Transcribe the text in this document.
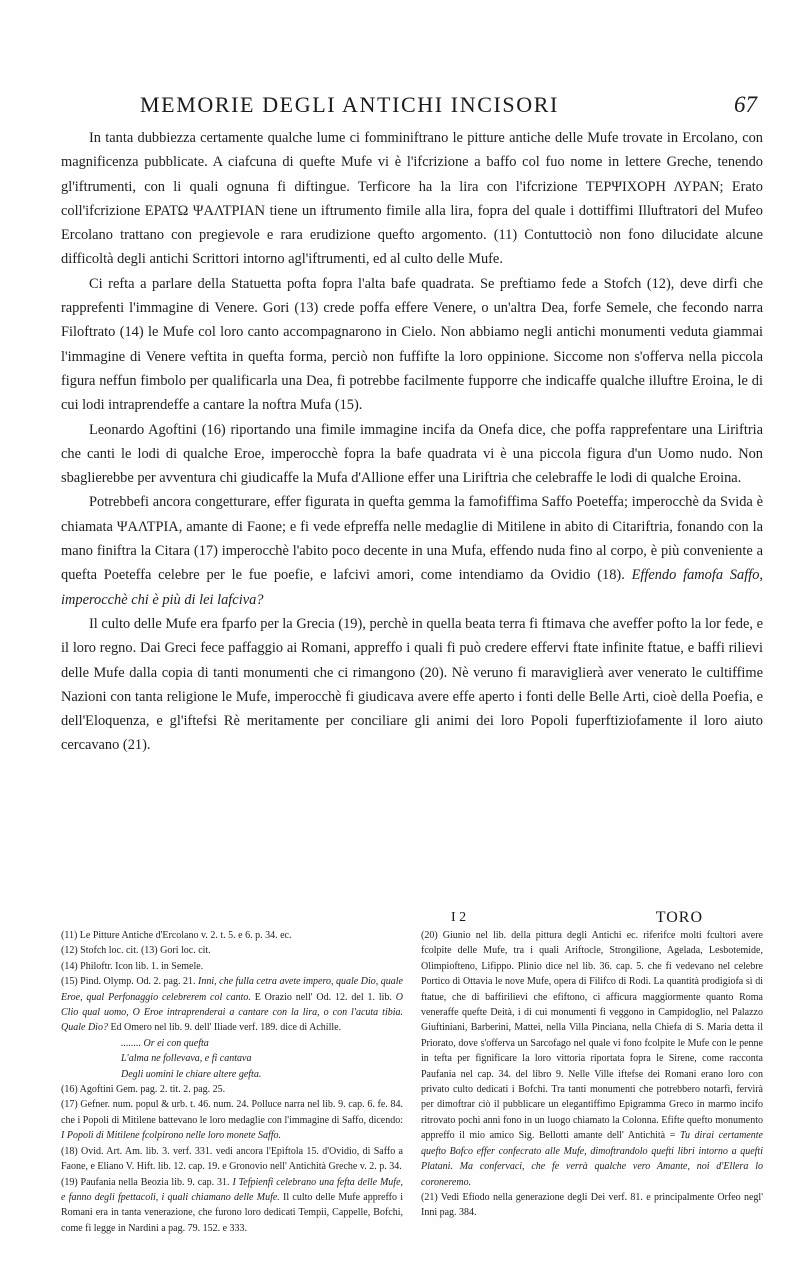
MEMORIE DEGLI ANTICHI INCISORI	67

In tanta dubbiezza certamente qualche lume ci fomminiftrano le pitture antiche delle Mufe trovate in Ercolano, con magnificenza pubblicate. A ciafcuna di quefte Mufe vi è l'ifcrizione a baffo col fuo nome in lettere Greche, tenendo gl'iftrumenti, con li quali ognuna fi diftingue. Terficore ha la lira con l'ifcrizione ΤΕΡΨΙΧΟΡΗ ΛΥΡΑΝ; Erato coll'ifcrizione ΕΡΑΤΩ ΨΑΛΤΡΙΑΝ tiene un iftrumento fimile alla lira, fopra del quale i dottiffimi Illuftratori del Mufeo Ercolano trattano con pregievole e rara erudizione quefto argomento. (11) Contuttociò non fono dilucidate alcune difficoltà degli antichi Scrittori intorno agl'iftrumenti, ed al culto delle Mufe.

Ci refta a parlare della Statuetta pofta fopra l'alta bafe quadrata. Se preftiamo fede a Stofch (12), deve dirfi che rapprefenti l'immagine di Venere. Gori (13) crede poffa effere Venere, o un'altra Dea, forfe Semele, che fecondo narra Filoftrato (14) le Mufe col loro canto accompagnarono in Cielo. Non abbiamo negli antichi monumenti veduta giammai l'immagine di Venere veftita in quefta forma, perciò non fuffifte la loro oppinione. Siccome non s'offerva nella piccola figura neffun fimbolo per qualificarla una Dea, fi potrebbe facilmente fupporre che indicaffe qualche illuftre Eroina, le di cui lodi intraprendeffe a cantare la noftra Mufa (15).

Leonardo Agoftini (16) riportando una fimile immagine incifa da Onefa dice, che poffa rapprefentare una Liriftria che canti le lodi di qualche Eroe, imperocchè fopra la bafe quadrata vi è una piccola figura d'un Uomo nudo. Non sbaglierebbe per avventura chi giudicaffe la Mufa d'Allione effer una Liriftria che celebraffe le lodi di qualche Eroina.

Potrebbefi ancora congetturare, effer figurata in quefta gemma la famofiffima Saffo Poeteffa; imperocchè da Svida è chiamata ΨΑΛΤΡΙΑ, amante di Faone; e fi vede efpreffa nelle medaglie di Mitilene in abito di Citariftria, fonando con la mano finiftra la Citara (17) imperocchè l'abito poco decente in una Mufa, effendo nuda fino al corpo, è più conveniente a quefta Poeteffa celebre per le fue poefie, e lafcivi amori, come intendiamo da Ovidio (18). Effendo famofa Saffo, imperocchè chi è più di lei lafciva?

Il culto delle Mufe era fparfo per la Grecia (19), perchè in quella beata terra fi ftimava che aveffer pofto la lor fede, e il loro regno. Dai Greci fece paffaggio ai Romani, appreffo i quali fi può credere effervi ftate infinite ftatue, e baffi rilievi delle Mufe dalla copia di tanti monumenti che ci rimangono (20). Nè veruno fi maraviglierà aver venerato le cultiffime Nazioni con tanta religione le Mufe, imperocchè fi giudicava avere effe aperto i fonti delle Belle Arti, cioè della Poefia, e dell'Eloquenza, e gl'iftefsi Rè meritamente per conciliare gli animi dei loro Popoli fuperftiziofamente il loro aiuto cercavano (21).

I 2	TORO

(11) Le Pitture Antiche d'Ercolano v. 2. t. 5. e 6. p. 34. ec.

(12) Stofch loc. cit. (13) Gori loc. cit.

(14) Philoftr. Icon lib. 1. in Semele.

(15) Pind. Olymp. Od. 2. pag. 21. Inni, che fulla cetra avete impero, quale Dio, quale Eroe, qual Perfonaggio celebrerem col canto. E Orazio nell' Od. 12. del 1. lib. O Clio qual uomo, O Eroe intraprenderai a cantare con la lira, o con l'acuta tibia. Quale Dio? Ed Omero nel lib. 9. dell' Iliade verf. 189. dice di Achille.

........ Or ei con quefta

L'alma ne follevava, e fi cantava

Degli uomini le chiare altere gefta.

(16) Agoftini Gem. pag. 2. tit. 2. pag. 25.

(17) Gefner. num. popul & urb. t. 46. num. 24. Polluce narra nel lib. 9. cap. 6. fe. 84. che i Popoli di Mitilene battevano le loro medaglie con l'immagine di Saffo, dicendo: I Popoli di Mitilene fcolpirono nelle loro monete Saffo.

(18) Ovid. Art. Am. lib. 3. verf. 331. vedi ancora l'Epiftola 15. d'Ovidio, di Saffo a Faone, e Eliano V. Hift. lib. 12. cap. 19. e Gronovio nell' Antichità Greche v. 2. p. 34.

(19) Paufania nella Beozia lib. 9. cap. 31. I Tefpienfi celebrano una fefta delle Mufe, e fanno degli fpettacoli, i quali chiamano delle Mufe. Il culto delle Mufe appreffo i Romani era in tanta venerazione, che furono loro dedicati Tempii, Cappelle, Bofchi, come fi legge in Nardini a pag. 79. 152. e 333.

(20) Giunio nel lib. della pittura degli Antichi ec. riferifce molti fcultori avere fcolpite delle Mufe, tra i quali Ariftocle, Strongilione, Agelada, Lesbotemide, Olimpiofteno, Lifippo. Plinio dice nel lib. 36. cap. 5. che fi vedevano nel celebre Portico di Ottavia le nove Mufe, opera di Filifco di Rodi. La quantità prodigiofa sì di ftatue, che di baffirilievi che efiftono, ci afficura maggiormente quanto Roma veneraffe quefte Deità, i di cui monumenti fi veggono in Campidoglio, nel Palazzo Giuftiniani, Barberini, Mattei, nella Villa Pinciana, nella Chiefa di S. Maria detta il Priorato, dove s'offerva un Sarcofago nel quale vi fono fcolpite le Mufe con le penne in tefta per fignificare la loro vittoria riportata fopra le Sirene, come racconta Paufania nel cap. 34. del libro 9. Nelle Ville iftefse dei Romani erano loro con privato culto dedicati i Bofchi. Tra tanti monumenti che potrebbero notarfi, fervirà per dimoftrar ciò il pubblicare un elegantiffimo Epigramma Greco in marmo incifo ritrovato pochi anni fono in un luogo chiamato la Colonna. Efifte quefto monumento appreffo il mio amico Sig. Bellotti amante dell' Antichità = Tu dirai certamente quefto Bofco effer confecrato alle Mufe, dimoftrandolo quefti libri intorno a quefti Platani. Ma confervaci, che fe verrà qualche vero Amante, noi d'Ellera lo coroneremo.

(21) Vedi Efiodo nella generazione degli Dei verf. 81. e principalmente Orfeo negl' Inni pag. 384.
